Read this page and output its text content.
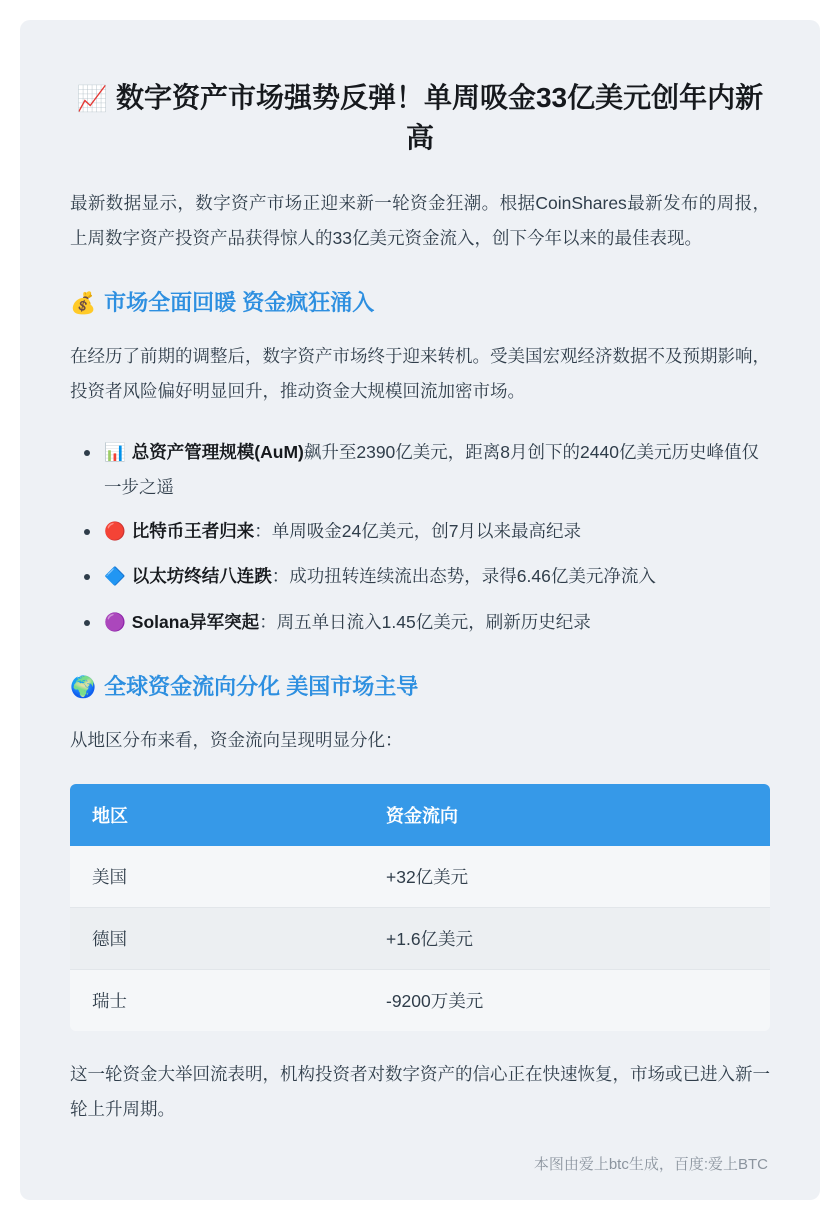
📈 数字资产市场强势反弹！单周吸金33亿美元创年内新高

最新数据显示，数字资产市场正迎来新一轮资金狂潮。根据CoinShares最新发布的周报，上周数字资产投资产品获得惊人的33亿美元资金流入，创下今年以来的最佳表现。

💰 市场全面回暖 资金疯狂涌入

在经历了前期的调整后，数字资产市场终于迎来转机。受美国宏观经济数据不及预期影响，投资者风险偏好明显回升，推动资金大规模回流加密市场。

📊 总资产管理规模(AuM)飙升至2390亿美元，距离8月创下的2440亿美元历史峰值仅一步之遥
🔴 比特币王者归来：单周吸金24亿美元，创7月以来最高纪录
🔷 以太坊终结八连跌：成功扭转连续流出态势，录得6.46亿美元净流入
🟣 Solana异军突起：周五单日流入1.45亿美元，刷新历史纪录
🌍 全球资金流向分化 美国市场主导

从地区分布来看，资金流向呈现明显分化：

地区	资金流向
美国	+32亿美元
德国	+1.6亿美元
瑞士	-9200万美元

这一轮资金大举回流表明，机构投资者对数字资产的信心正在快速恢复，市场或已进入新一轮上升周期。

本图由爱上btc生成，百度:爱上BTC
